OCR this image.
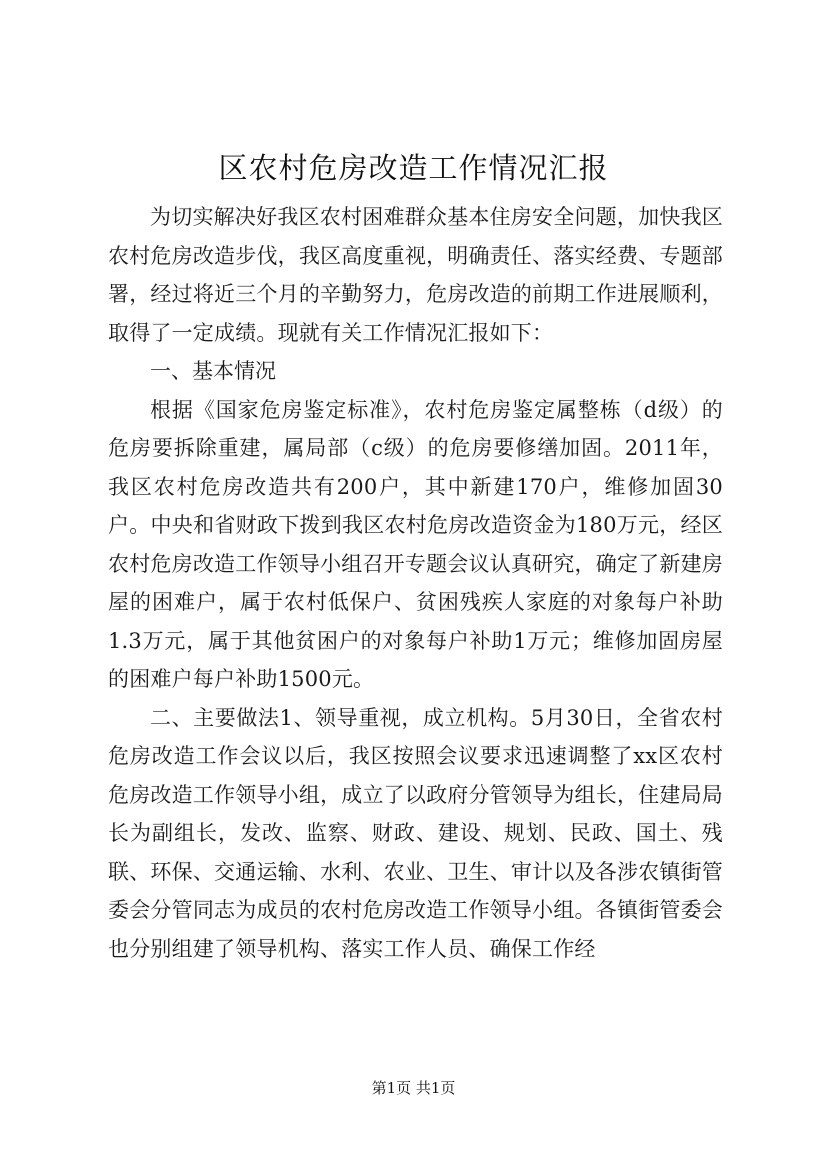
区农村危房改造工作情况汇报

为切实解决好我区农村困难群众基本住房安全问题，加快我区农村危房改造步伐，我区高度重视，明确责任、落实经费、专题部署，经过将近三个月的辛勤努力，危房改造的前期工作进展顺利，取得了一定成绩。现就有关工作情况汇报如下：

一、基本情况

根据《国家危房鉴定标准》，农村危房鉴定属整栋（d级）的危房要拆除重建，属局部（c级）的危房要修缮加固。2011年，我区农村危房改造共有200户，其中新建170户，维修加固30户。中央和省财政下拨到我区农村危房改造资金为180万元，经区农村危房改造工作领导小组召开专题会议认真研究，确定了新建房屋的困难户，属于农村低保户、贫困残疾人家庭的对象每户补助1.3万元，属于其他贫困户的对象每户补助1万元；维修加固房屋的困难户每户补助1500元。

二、主要做法1、领导重视，成立机构。5月30日，全省农村危房改造工作会议以后，我区按照会议要求迅速调整了xx区农村危房改造工作领导小组，成立了以政府分管领导为组长，住建局局长为副组长，发改、监察、财政、建设、规划、民政、国土、残联、环保、交通运输、水利、农业、卫生、审计以及各涉农镇街管委会分管同志为成员的农村危房改造工作领导小组。各镇街管委会也分别组建了领导机构、落实工作人员、确保工作经

第1页 共1页
